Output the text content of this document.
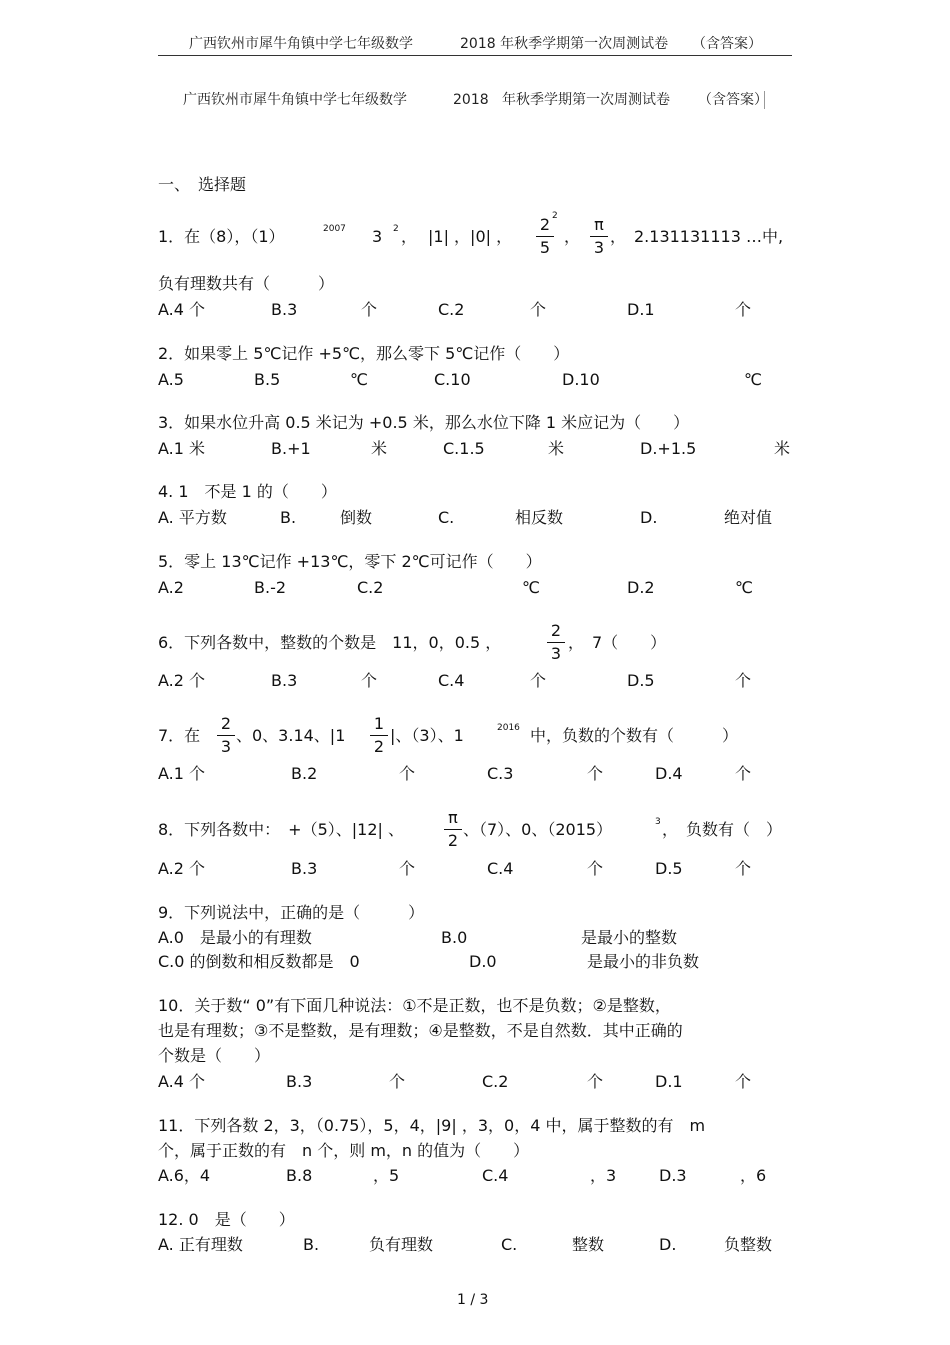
广西钦州市犀牛角镇中学七年级数学	2018 年秋季学期第一次周测试卷 （含答案）
广西钦州市犀牛角镇中学七年级数学	2018 年秋季学期第一次周测试卷 （含答案）
一、　选择题
1．在（8），（1）	2007 3 2 ， |1| ，|0| ，
2
5
2
，
π
3
，　2.131131113 …中,
负有理数共有（　　　）
A.4 个	B.3	个	C.2	个	D.1	个
2．如果零上 5℃记作 +5℃，那么零下 5℃记作（　　）
A.5	B.5	℃	C.10	D.10	℃
3．如果水位升高 0.5 米记为 +0.5 米，那么水位下降 1 米应记为（　　）
A.1 米	B.+1	米	C.1.5	米	D.+1.5	米
4. 1　不是 1 的（　　）
A. 平方数	B.	倒数	C.	相反数	D.	绝对值
5．零上 13℃记作 +13℃，零下 2℃可记作（　　）
A.2	B.-2	C.2	℃	D.2	℃
6．下列各数中，整数的个数是　11，0，0.5 ，
2
3
，　7（　　）
A.2 个	B.3	个	C.4	个	D.5	个
7．在
2
3
、0、3.14、|1
1
2
|、（3）、1	2016 中，负数的个数有（　　　）
A.1 个	B.2	个	C.3	个	D.4	个
8．下列各数中：　+（5）、|12| 、
π
2
、（7）、0、（2015）	3 ，　负数有（　）
A.2 个	B.3	个	C.4	个	D.5	个
9．下列说法中，正确的是（　　　）
A.0　是最小的有理数	B.0	是最小的整数
C.0 的倒数和相反数都是　0	D.0	是最小的非负数
10．关于数“ 0”有下面几种说法：①不是正数，也不是负数；②是整数，
也是有理数；③不是整数，是有理数；④是整数，不是自然数．其中正确的
个数是（　　）
A.4 个	B.3	个	C.2	个	D.1	个
11．下列各数 2，3，（0.75），5，4，|9| ，3，0，4 中，属于整数的有　m
个，属于正数的有　n 个，则 m，n 的值为（　　）
A.6，4	B.8	，5	C.4	，3	D.3	，6
12. 0　是（　　）
A. 正有理数	B.	负有理数	C.	整数	D.	负整数
1 / 3
